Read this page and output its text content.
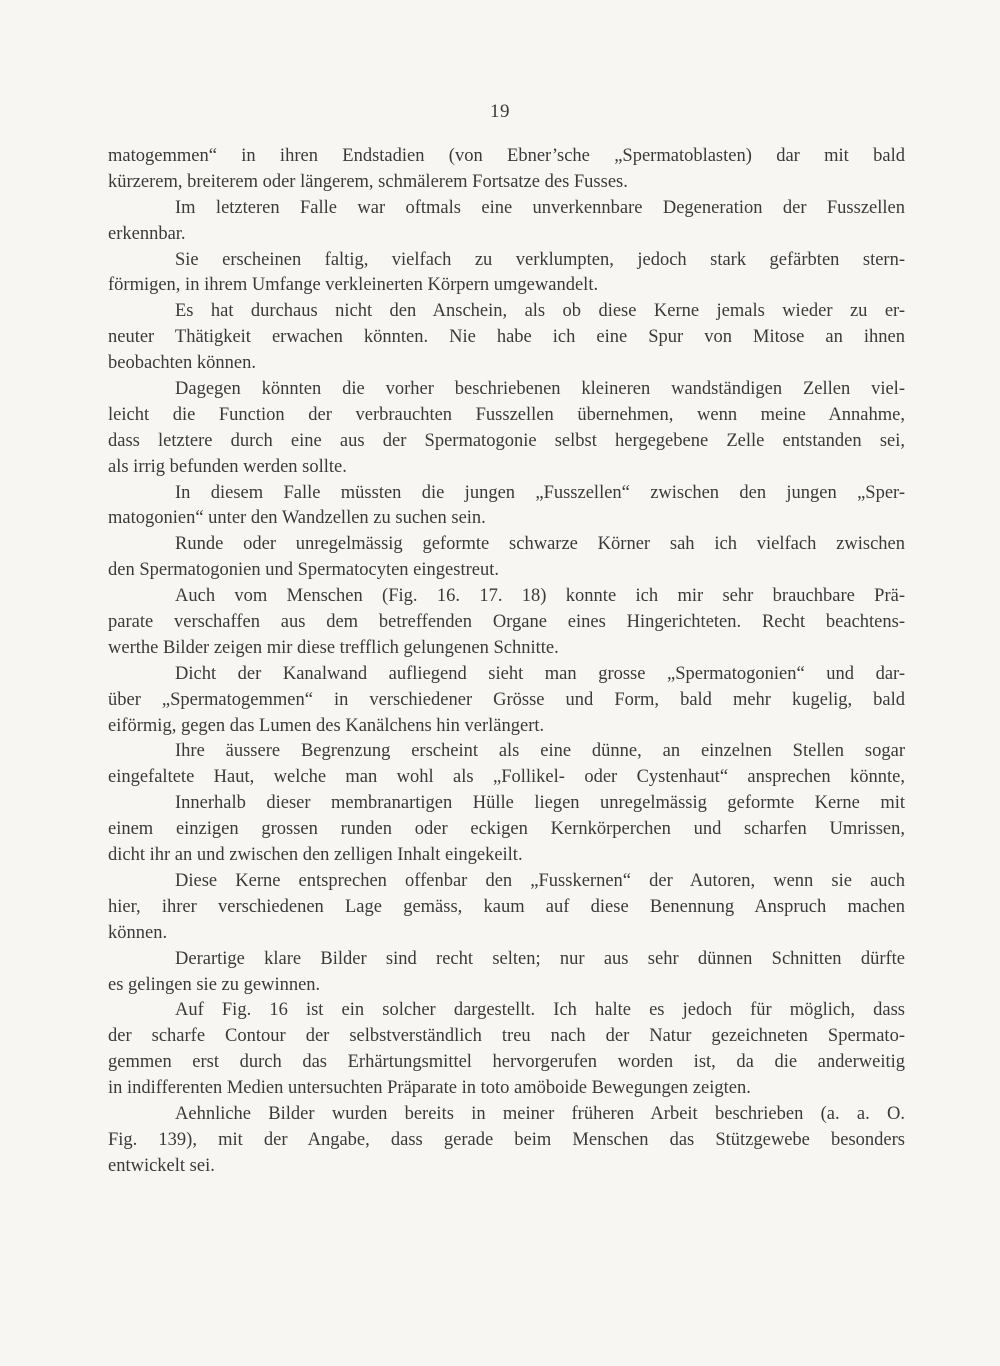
19
matogemmen“ in ihren Endstadien (von Ebner’sche „Spermatoblasten) dar mit bald
kürzerem, breiterem oder längerem, schmälerem Fortsatze des Fusses.
Im letzteren Falle war oftmals eine unverkennbare Degeneration der Fusszellen
erkennbar.
Sie erscheinen faltig, vielfach zu verklumpten, jedoch stark gefärbten stern-
förmigen, in ihrem Umfange verkleinerten Körpern umgewandelt.
Es hat durchaus nicht den Anschein, als ob diese Kerne jemals wieder zu er-
neuter Thätigkeit erwachen könnten. Nie habe ich eine Spur von Mitose an ihnen
beobachten können.
Dagegen könnten die vorher beschriebenen kleineren wandständigen Zellen viel-
leicht die Function der verbrauchten Fusszellen übernehmen, wenn meine Annahme,
dass letztere durch eine aus der Spermatogonie selbst hergegebene Zelle entstanden sei,
als irrig befunden werden sollte.
In diesem Falle müssten die jungen „Fusszellen“ zwischen den jungen „Sper-
matogonien“ unter den Wandzellen zu suchen sein.
Runde oder unregelmässig geformte schwarze Körner sah ich vielfach zwischen
den Spermatogonien und Spermatocyten eingestreut.
Auch vom Menschen (Fig. 16. 17. 18) konnte ich mir sehr brauchbare Prä-
parate verschaffen aus dem betreffenden Organe eines Hingerichteten. Recht beachtens-
werthe Bilder zeigen mir diese trefflich gelungenen Schnitte.
Dicht der Kanalwand aufliegend sieht man grosse „Spermatogonien“ und dar-
über „Spermatogemmen“ in verschiedener Grösse und Form, bald mehr kugelig, bald
eiförmig, gegen das Lumen des Kanälchens hin verlängert.
Ihre äussere Begrenzung erscheint als eine dünne, an einzelnen Stellen sogar
eingefaltete Haut, welche man wohl als „Follikel- oder Cystenhaut“ ansprechen könnte,
Innerhalb dieser membranartigen Hülle liegen unregelmässig geformte Kerne mit
einem einzigen grossen runden oder eckigen Kernkörperchen und scharfen Umrissen,
dicht ihr an und zwischen den zelligen Inhalt eingekeilt.
Diese Kerne entsprechen offenbar den „Fusskernen“ der Autoren, wenn sie auch
hier, ihrer verschiedenen Lage gemäss, kaum auf diese Benennung Anspruch machen
können.
Derartige klare Bilder sind recht selten; nur aus sehr dünnen Schnitten dürfte
es gelingen sie zu gewinnen.
Auf Fig. 16 ist ein solcher dargestellt. Ich halte es jedoch für möglich, dass
der scharfe Contour der selbstverständlich treu nach der Natur gezeichneten Spermato-
gemmen erst durch das Erhärtungsmittel hervorgerufen worden ist, da die anderweitig
in indifferenten Medien untersuchten Präparate in toto amöboide Bewegungen zeigten.
Aehnliche Bilder wurden bereits in meiner früheren Arbeit beschrieben (a. a. O.
Fig. 139), mit der Angabe, dass gerade beim Menschen das Stützgewebe besonders
entwickelt sei.
